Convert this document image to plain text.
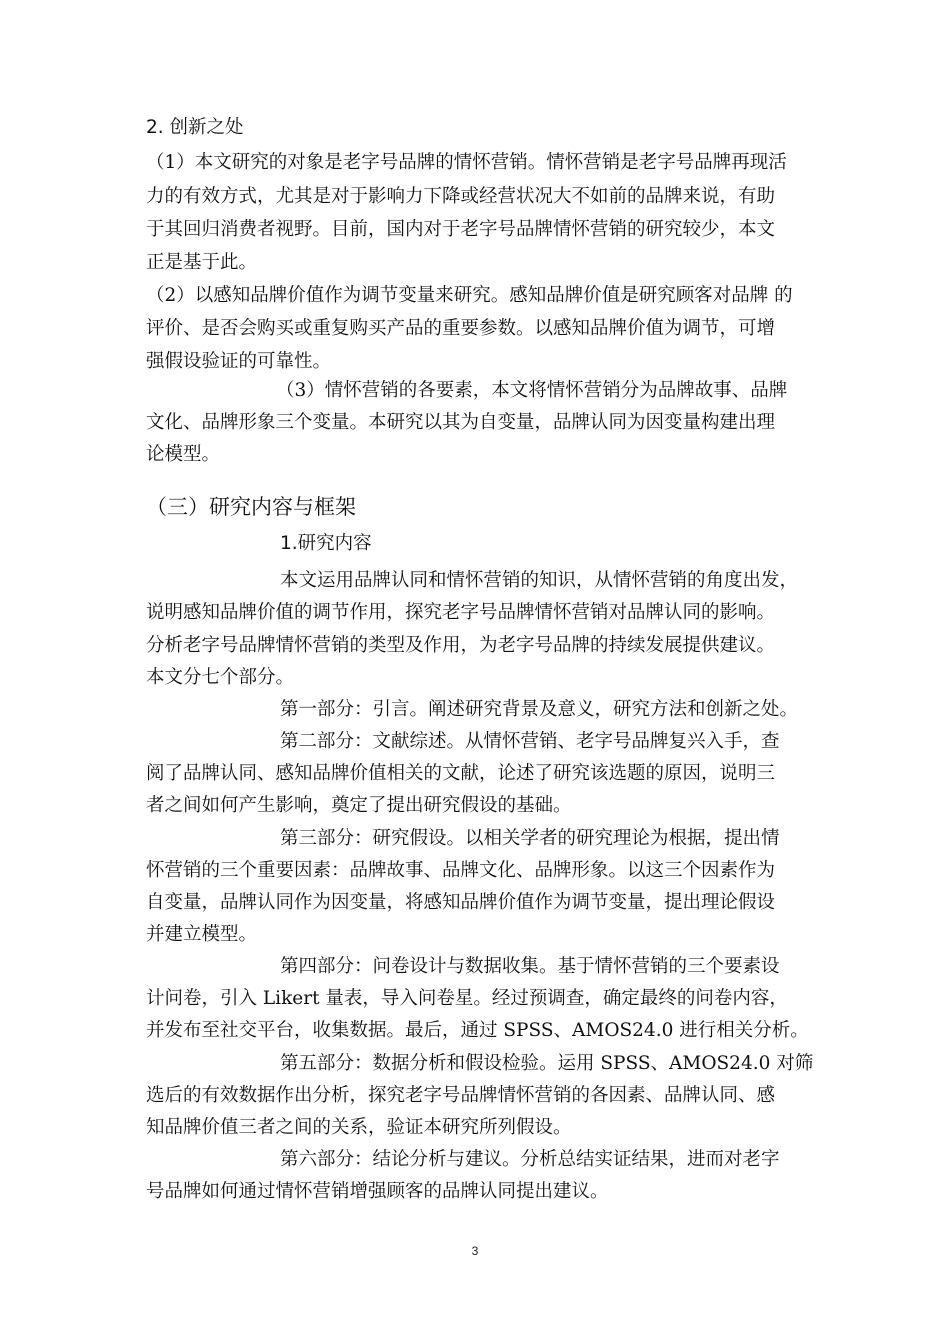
2. 创新之处
（1）本文研究的对象是老字号品牌的情怀营销。情怀营销是老字号品牌再现活
力的有效方式，尤其是对于影响力下降或经营状况大不如前的品牌来说，有助
于其回归消费者视野。目前，国内对于老字号品牌情怀营销的研究较少，本文
正是基于此。
（2）以感知品牌价值作为调节变量来研究。感知品牌价值是研究顾客对品牌 的
评价、是否会购买或重复购买产品的重要参数。以感知品牌价值为调节，可增
强假设验证的可靠性。
（3）情怀营销的各要素，本文将情怀营销分为品牌故事、品牌
文化、品牌形象三个变量。本研究以其为自变量，品牌认同为因变量构建出理
论模型。
（三）研究内容与框架
1.研究内容
本文运用品牌认同和情怀营销的知识，从情怀营销的角度出发，
说明感知品牌价值的调节作用，探究老字号品牌情怀营销对品牌认同的影响。
分析老字号品牌情怀营销的类型及作用，为老字号品牌的持续发展提供建议。
本文分七个部分。
第一部分：引言。阐述研究背景及意义，研究方法和创新之处。
第二部分：文献综述。从情怀营销、老字号品牌复兴入手，查
阅了品牌认同、感知品牌价值相关的文献，论述了研究该选题的原因，说明三
者之间如何产生影响，奠定了提出研究假设的基础。
第三部分：研究假设。以相关学者的研究理论为根据，提出情
怀营销的三个重要因素：品牌故事、品牌文化、品牌形象。以这三个因素作为
自变量，品牌认同作为因变量，将感知品牌价值作为调节变量，提出理论假设
并建立模型。
第四部分：问卷设计与数据收集。基于情怀营销的三个要素设
计问卷，引入 Likert 量表，导入问卷星。经过预调查，确定最终的问卷内容，
并发布至社交平台，收集数据。最后，通过 SPSS、AMOS24.0 进行相关分析。
第五部分：数据分析和假设检验。运用 SPSS、AMOS24.0 对筛
选后的有效数据作出分析，探究老字号品牌情怀营销的各因素、品牌认同、感
知品牌价值三者之间的关系，验证本研究所列假设。
第六部分：结论分析与建议。分析总结实证结果，进而对老字
号品牌如何通过情怀营销增强顾客的品牌认同提出建议。
3
